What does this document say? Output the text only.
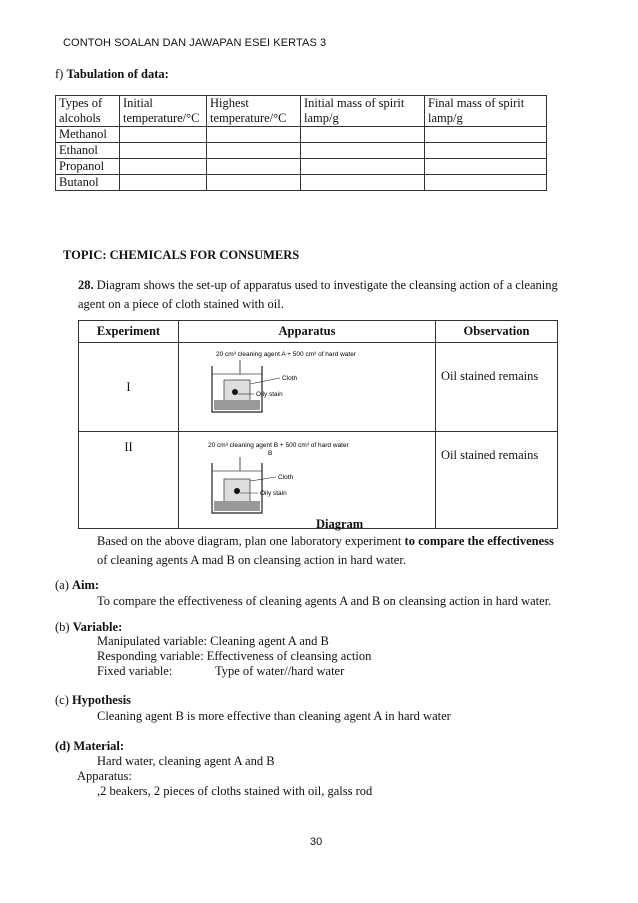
CONTOH SOALAN DAN JAWAPAN ESEI KERTAS 3
f) Tabulation of data:
Types of alcohols	Initial temperature/°C	Highest temperature/°C	Initial mass of spirit lamp/g	Final mass of spirit lamp/g
Methanol				
Ethanol				
Propanol				
Butanol				
TOPIC: CHEMICALS FOR CONSUMERS
28. Diagram shows the set-up of apparatus used to investigate the cleansing action of a cleaning agent on a piece of cloth stained with oil.
Experiment	Apparatus	Observation
I	20 cm³ cleaning agent A + 500 cm³ of hard water
Cloth
Oily stain	Oil stained remains
II	20 cm³ cleaning agent B + 500 cm³ of hard water
B
Cloth
Oily stain	Oil stained remains
Diagram
Based on the above diagram, plan one laboratory experiment to compare the effectiveness
of cleaning agents A mad B on cleansing action in hard water.
(a) Aim:
To compare the effectiveness of cleaning agents A and B on cleansing action in hard water.
(b) Variable:
Manipulated variable: Cleaning agent A and B
Responding variable: Effectiveness of cleansing action
Fixed variable:	Type of water//hard water
(c) Hypothesis
Cleaning agent B is more effective than cleaning agent A in hard water
(d) Material:
Hard water, cleaning agent A and B
Apparatus:
,2 beakers, 2 pieces of cloths stained with oil, galss rod
30
